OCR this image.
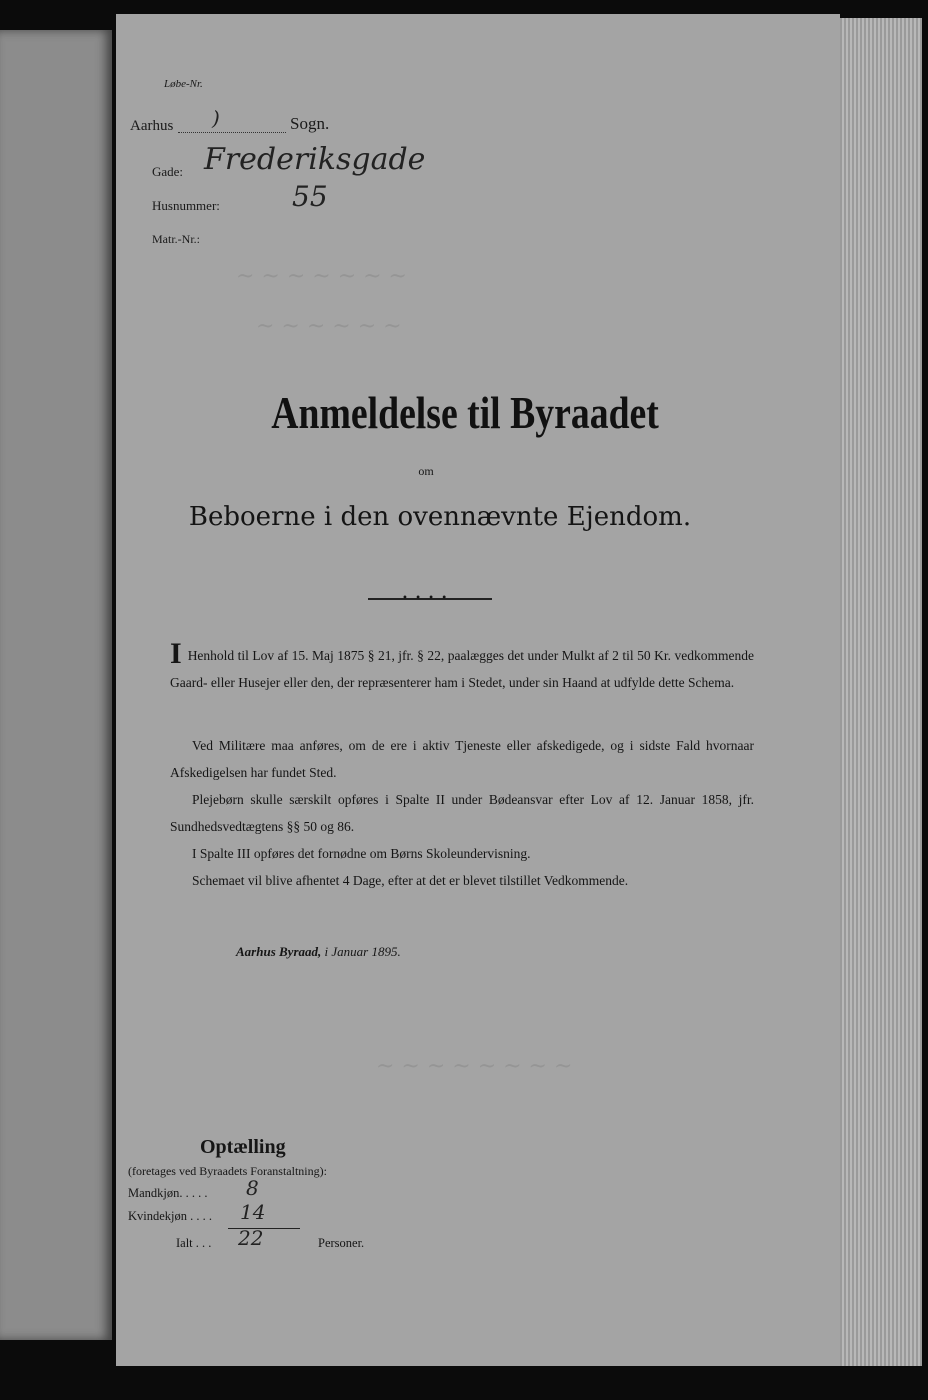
~ ~ ~ ~ ~ ~ ~
~ ~ ~ ~ ~ ~
~ ~ ~ ~ ~ ~ ~ ~
Løbe-Nr.
Aarhus )	Sogn.
Gade: Frederiksgade
Husnummer:	55
Matr.-Nr.:
Anmeldelse til Byraadet
om
Beboerne i den ovennævnte Ejendom.
• • • •
I Henhold til Lov af 15. Maj 1875 § 21, jfr. § 22, paalægges det under Mulkt af 2 til 50 Kr. vedkommende Gaard- eller Husejer eller den, der repræsenterer ham i Stedet, under sin Haand at udfylde dette Schema.
Ved Militære maa anføres, om de ere i aktiv Tjeneste eller afskedigede, og i sidste Fald hvornaar Afskedigelsen har fundet Sted.
Plejebørn skulle særskilt opføres i Spalte II under Bødeansvar efter Lov af 12. Januar 1858, jfr. Sundhedsvedtægtens §§ 50 og 86.
I Spalte III opføres det fornødne om Børns Skoleundervisning.
Schemaet vil blive afhentet 4 Dage, efter at det er blevet tilstillet Vedkommende.
Aarhus Byraad, i Januar 1895.
Optælling
(foretages ved Byraadets Foranstaltning):
Mandkjøn. . . . . 8
Kvindekjøn . . . . 14
Ialt . . . 22	Personer.
